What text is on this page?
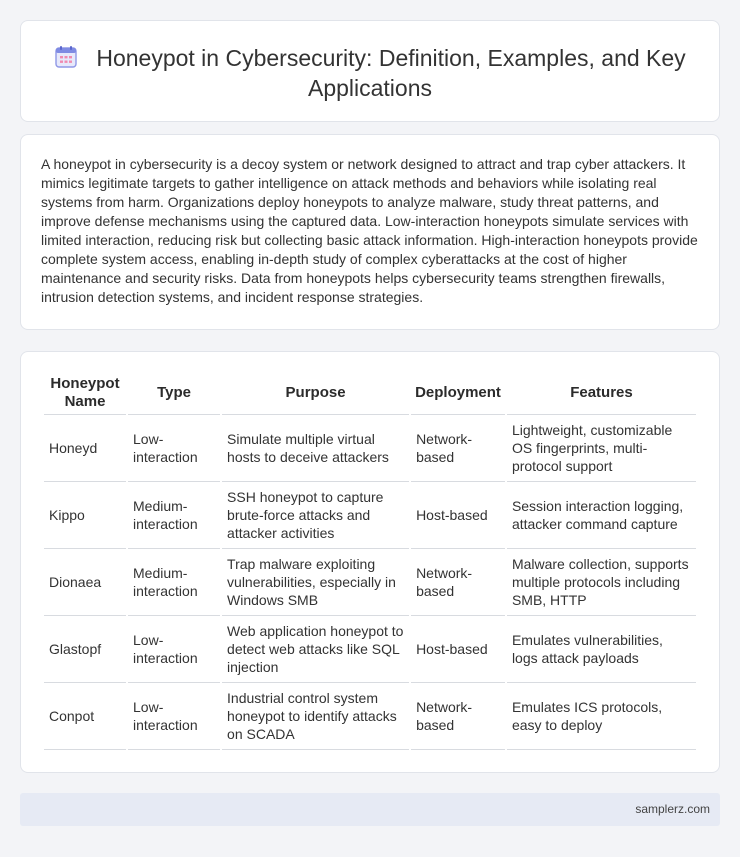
Honeypot in Cybersecurity: Definition, Examples, and Key Applications

A honeypot in cybersecurity is a decoy system or network designed to attract and trap cyber attackers. It mimics legitimate targets to gather intelligence on attack methods and behaviors while isolating real systems from harm. Organizations deploy honeypots to analyze malware, study threat patterns, and improve defense mechanisms using the captured data. Low-interaction honeypots simulate services with limited interaction, reducing risk but collecting basic attack information. High-interaction honeypots provide complete system access, enabling in-depth study of complex cyberattacks at the cost of higher maintenance and security risks. Data from honeypots helps cybersecurity teams strengthen firewalls, intrusion detection systems, and incident response strategies.

Honeypot Name	Type	Purpose	Deployment	Features
Honeyd	Low-interaction	Simulate multiple virtual hosts to deceive attackers	Network-based	Lightweight, customizable OS fingerprints, multi-protocol support
Kippo	Medium-interaction	SSH honeypot to capture brute-force attacks and attacker activities	Host-based	Session interaction logging, attacker command capture
Dionaea	Medium-interaction	Trap malware exploiting vulnerabilities, especially in Windows SMB	Network-based	Malware collection, supports multiple protocols including SMB, HTTP
Glastopf	Low-interaction	Web application honeypot to detect web attacks like SQL injection	Host-based	Emulates vulnerabilities, logs attack payloads
Conpot	Low-interaction	Industrial control system honeypot to identify attacks on SCADA	Network-based	Emulates ICS protocols, easy to deploy
samplerz.com
